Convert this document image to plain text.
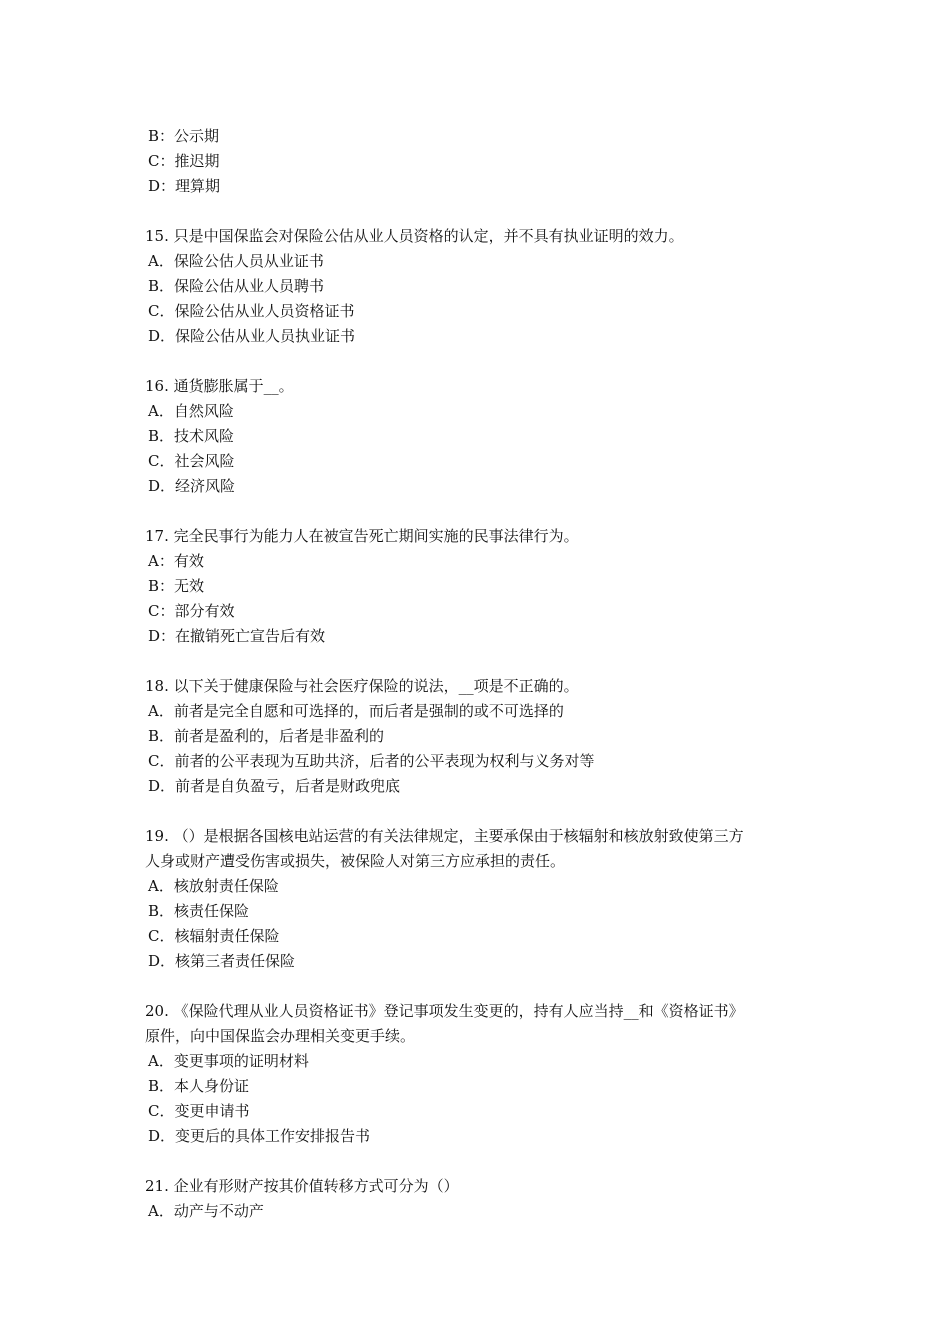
B：公示期
C：推迟期
D：理算期
15. 只是中国保监会对保险公估从业人员资格的认定，并不具有执业证明的效力。
A．保险公估人员从业证书
B．保险公估从业人员聘书
C．保险公估从业人员资格证书
D．保险公估从业人员执业证书
16. 通货膨胀属于__。
A．自然风险
B．技术风险
C．社会风险
D．经济风险
17. 完全民事行为能力人在被宣告死亡期间实施的民事法律行为。
A：有效
B：无效
C：部分有效
D：在撤销死亡宣告后有效
18. 以下关于健康保险与社会医疗保险的说法，__项是不正确的。
A．前者是完全自愿和可选择的，而后者是强制的或不可选择的
B．前者是盈利的，后者是非盈利的
C．前者的公平表现为互助共济，后者的公平表现为权利与义务对等
D．前者是自负盈亏，后者是财政兜底
19. （）是根据各国核电站运营的有关法律规定，主要承保由于核辐射和核放射致使第三方
人身或财产遭受伤害或损失，被保险人对第三方应承担的责任。
A．核放射责任保险
B．核责任保险
C．核辐射责任保险
D．核第三者责任保险
20. 《保险代理从业人员资格证书》登记事项发生变更的，持有人应当持__和《资格证书》
原件，向中国保监会办理相关变更手续。
A．变更事项的证明材料
B．本人身份证
C．变更申请书
D．变更后的具体工作安排报告书
21. 企业有形财产按其价值转移方式可分为（）
A．动产与不动产
